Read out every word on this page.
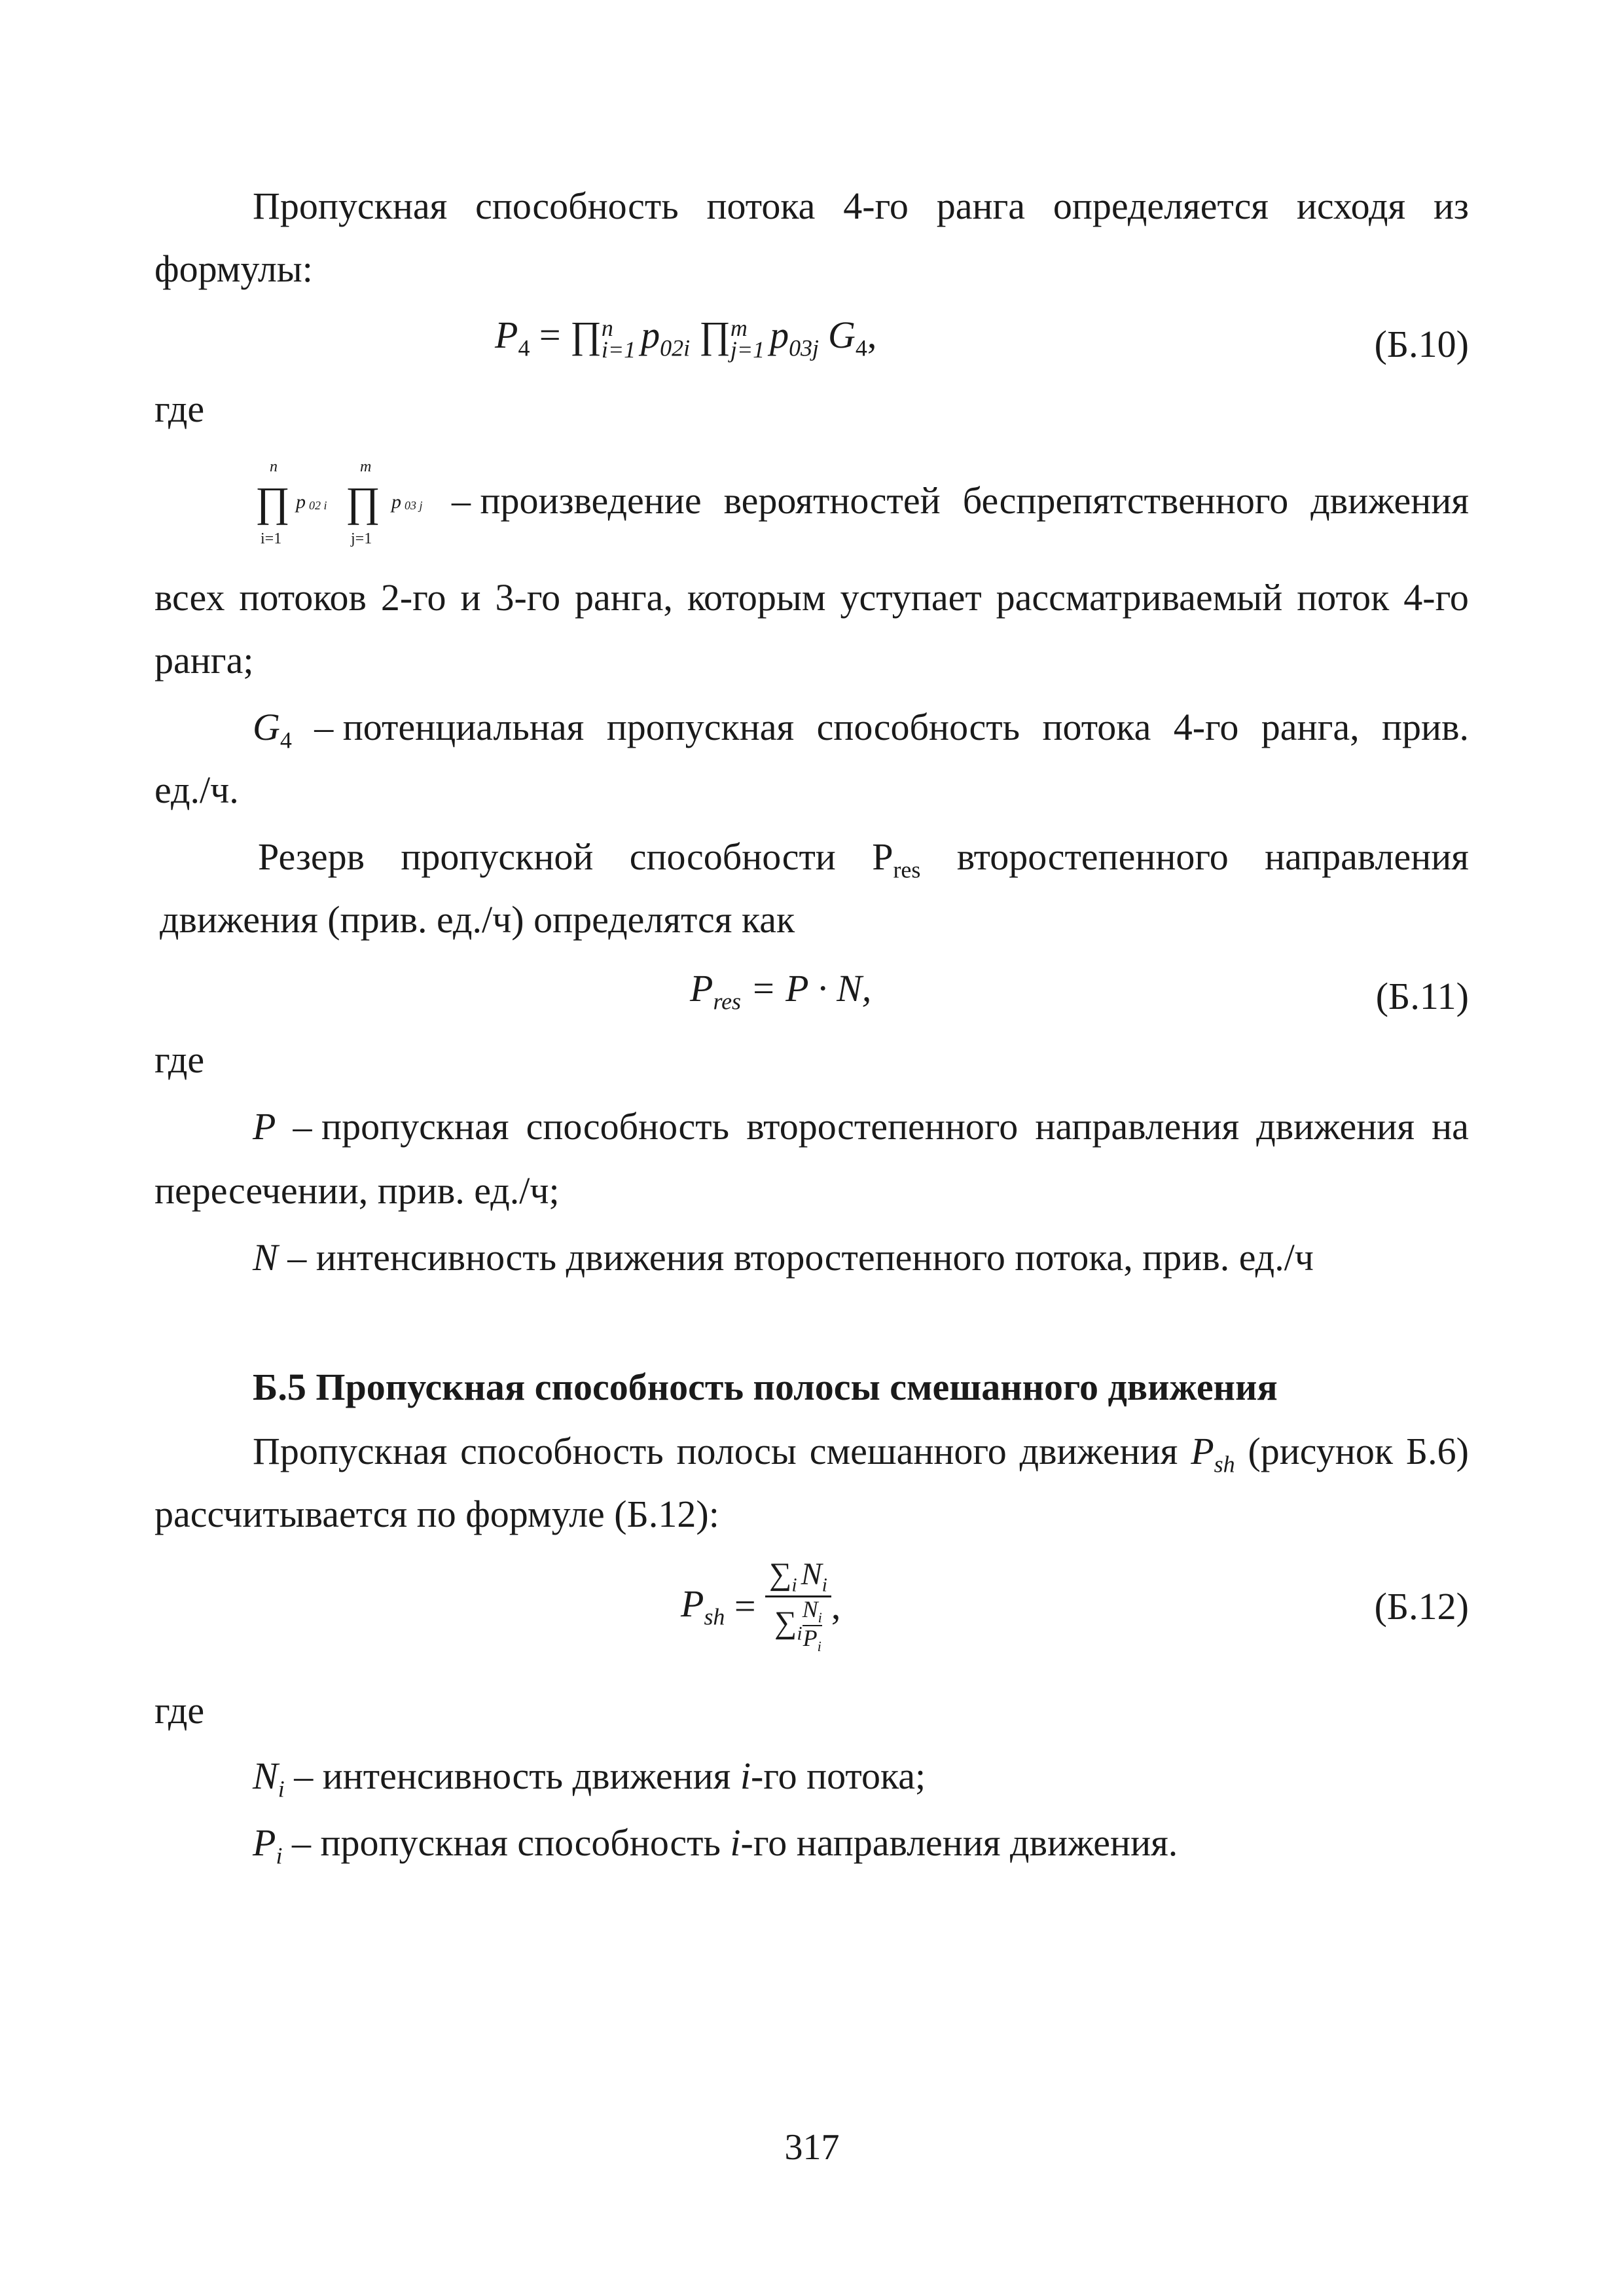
Пропускная способность потока 4-го ранга определяется исходя из
формулы:
$P_4$ = ∏ n
i=1 $p_{02i}$ ∏ m
j=1 $p_{03j}$ $G_4$,	(Б.10)
где
n
∏
i=1
p 02 i
m
∏
j=1
p 03 j – произведение вероятностей беспрепятственного движения
всех потоков 2-го и 3-го ранга, которым уступает рассматриваемый поток 4-го
ранга;
$G_4$ – потенциальная пропускная способность потока 4-го ранга, прив.
ед./ч.
Резерв пропускной способности $P_{res}$ второстепенного направления
движения (прив. ед./ч) определятся как
$P_{res} = P \cdot N$,	(Б.11)
где
P – пропускная способность второстепенного направления движения на
пересечении, прив. ед./ч;
N – интенсивность движения второстепенного потока, прив. ед./ч
Б.5 Пропускная способность полосы смешанного движения
Пропускная способность полосы смешанного движения $P_{sh}$ (рисунок Б.6)
рассчитывается по формуле (Б.12):
$P_{sh} = \frac{\sum_i N_i}{\sum_i \frac{N_i}{P_i}}$ ,	(Б.12)
где
$N_i$ – интенсивность движения i-го потока;
$P_i$ – пропускная способность i-го направления движения.
317
